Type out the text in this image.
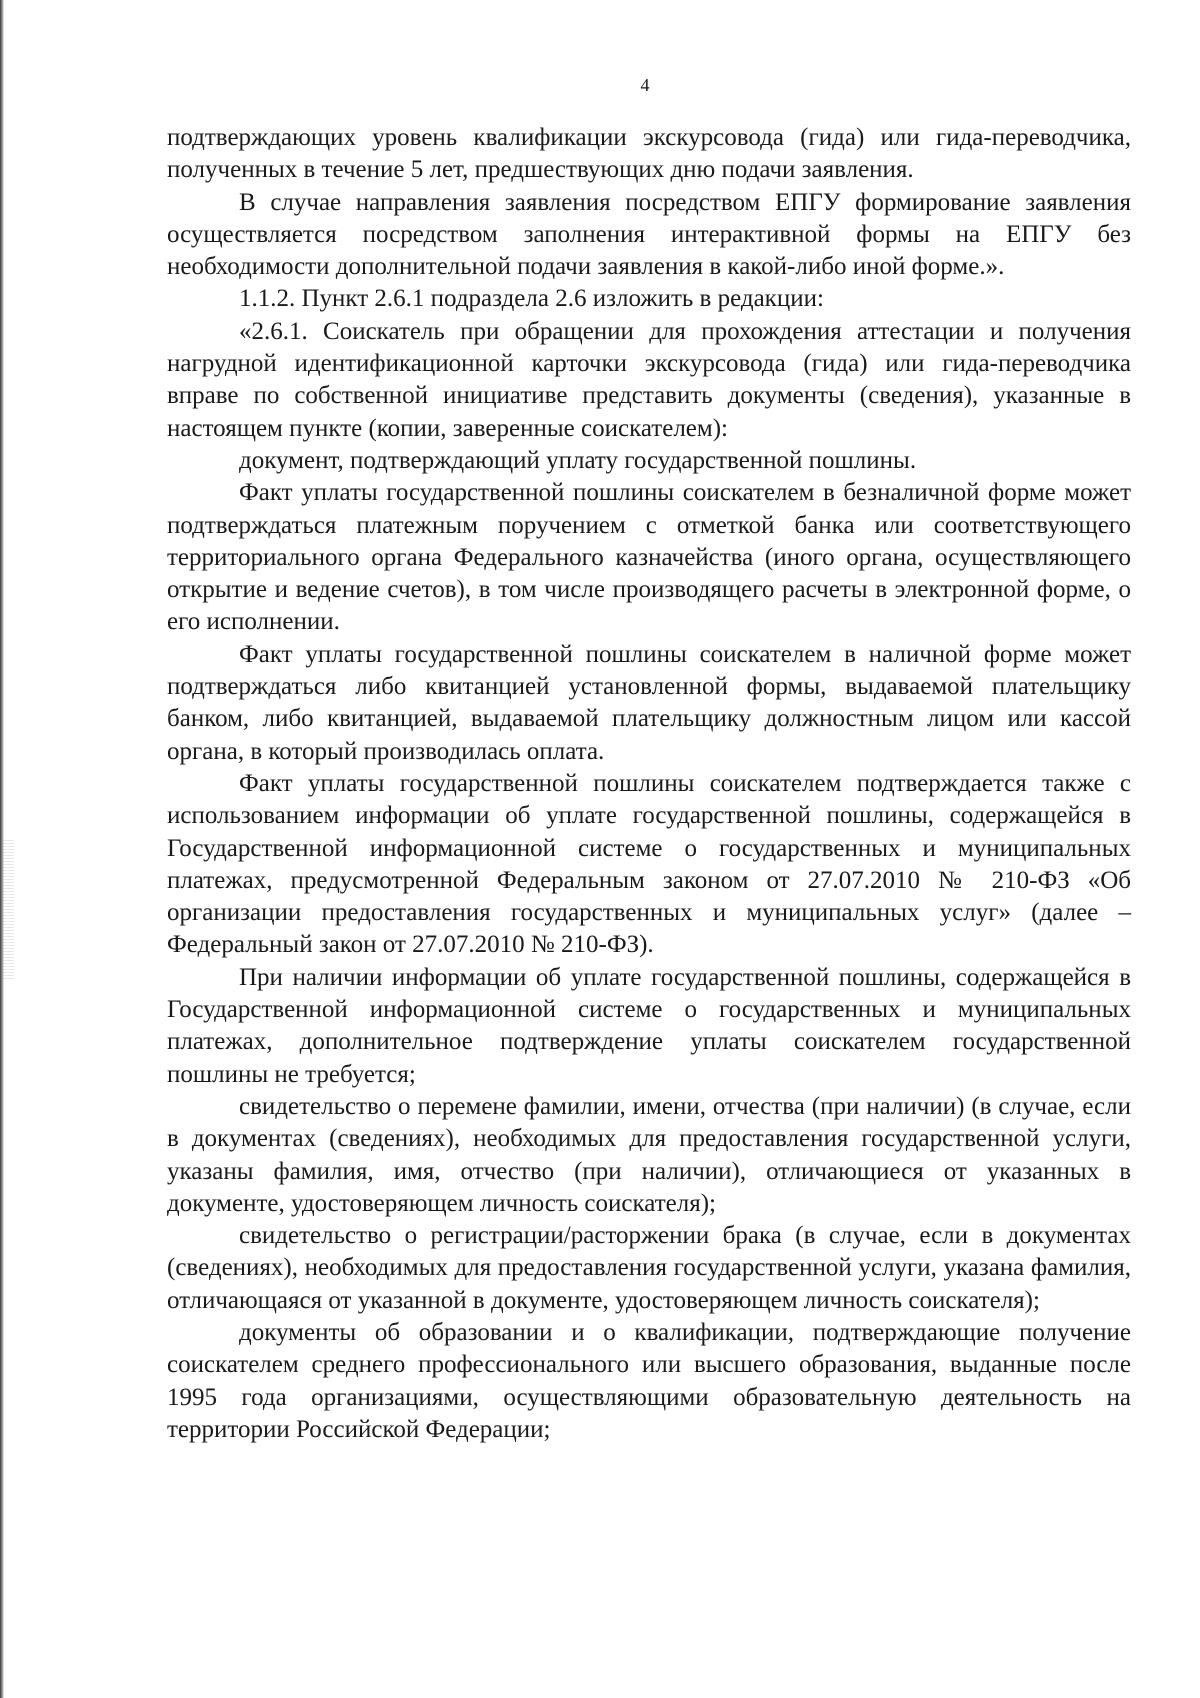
4

подтверждающих уровень квалификации экскурсовода (гида) или гида-переводчика, полученных в течение 5 лет, предшествующих дню подачи заявления.

В случае направления заявления посредством ЕПГУ формирование заявления осуществляется посредством заполнения интерактивной формы на ЕПГУ без необходимости дополнительной подачи заявления в какой-либо иной форме.».

1.1.2. Пункт 2.6.1 подраздела 2.6 изложить в редакции:

«2.6.1. Соискатель при обращении для прохождения аттестации и получения нагрудной идентификационной карточки экскурсовода (гида) или гида-переводчика вправе по собственной инициативе представить документы (сведения), указанные в настоящем пункте (копии, заверенные соискателем):

документ, подтверждающий уплату государственной пошлины.

Факт уплаты государственной пошлины соискателем в безналичной форме может подтверждаться платежным поручением с отметкой банка или соответствующего территориального органа Федерального казначейства (иного органа, осуществляющего открытие и ведение счетов), в том числе производящего расчеты в электронной форме, о его исполнении.

Факт уплаты государственной пошлины соискателем в наличной форме может подтверждаться либо квитанцией установленной формы, выдаваемой плательщику банком, либо квитанцией, выдаваемой плательщику должностным лицом или кассой органа, в который производилась оплата.

Факт уплаты государственной пошлины соискателем подтверждается также с использованием информации об уплате государственной пошлины, содержащейся в Государственной информационной системе о государственных и муниципальных платежах, предусмотренной Федеральным законом от 27.07.2010 № 210-ФЗ «Об организации предоставления государственных и муниципальных услуг» (далее – Федеральный закон от 27.07.2010 № 210-ФЗ).

При наличии информации об уплате государственной пошлины, содержащейся в Государственной информационной системе о государственных и муниципальных платежах, дополнительное подтверждение уплаты соискателем государственной пошлины не требуется;

свидетельство о перемене фамилии, имени, отчества (при наличии) (в случае, если в документах (сведениях), необходимых для предоставления государственной услуги, указаны фамилия, имя, отчество (при наличии), отличающиеся от указанных в документе, удостоверяющем личность соискателя);

свидетельство о регистрации/расторжении брака (в случае, если в документах (сведениях), необходимых для предоставления государственной услуги, указана фамилия, отличающаяся от указанной в документе, удостоверяющем личность соискателя);

документы об образовании и о квалификации, подтверждающие получение соискателем среднего профессионального или высшего образования, выданные после 1995 года организациями, осуществляющими образовательную деятельность на территории Российской Федерации;
